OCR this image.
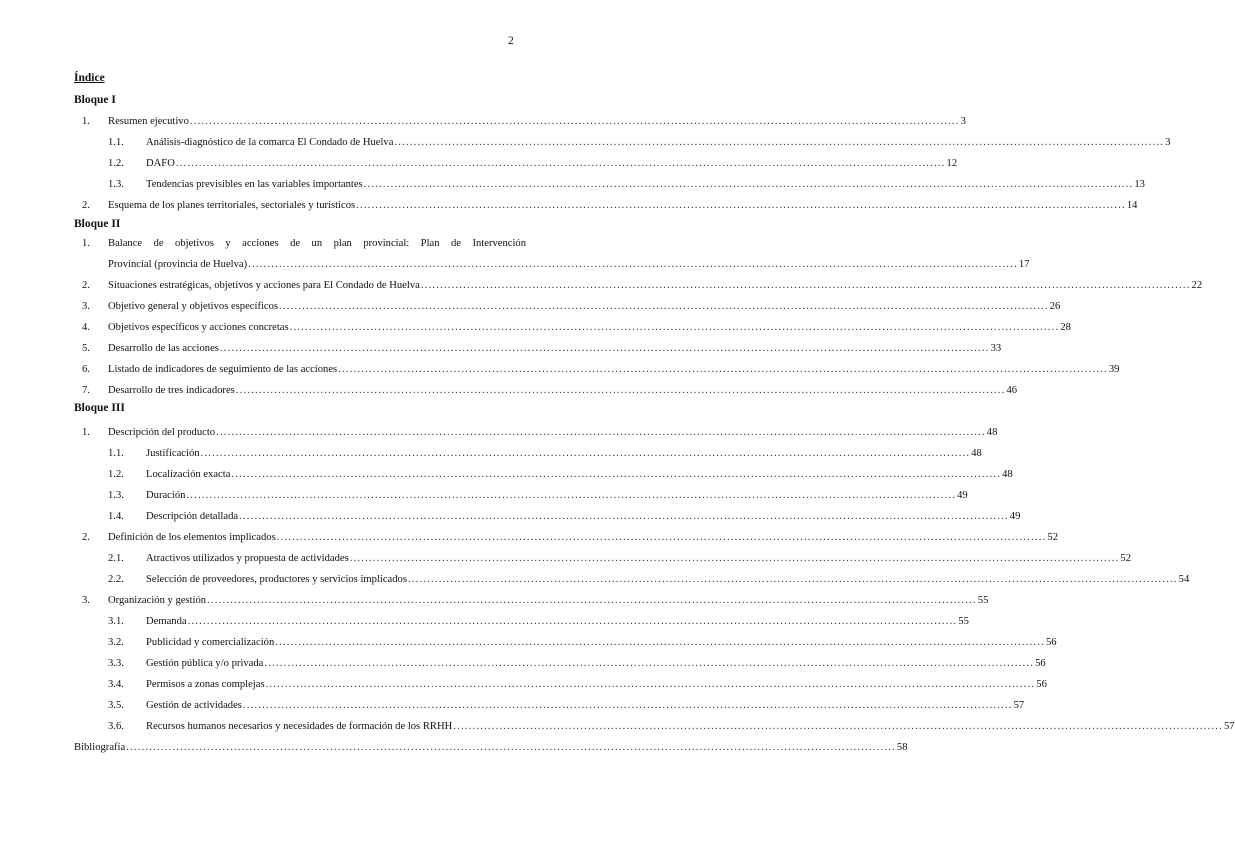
2
Índice
Bloque I
1. Resumen ejecutivo ........................................................................................................................................................................................................ 3
1.1. Análisis-diagnóstico de la comarca El Condado de Huelva ........................................................................................................................................................................................................ 3
1.2. DAFO ........................................................................................................................................................................................................ 12
1.3. Tendencias previsibles en las variables importantes ........................................................................................................................................................................................................ 13
2. Esquema de los planes territoriales, sectoriales y turísticos ........................................................................................................................................................................................................ 14
Bloque II
1. Balance de objetivos y acciones de un plan provincial: Plan de Intervención
Provincial (provincia de Huelva) ........................................................................................................................................................................................................ 17
2. Situaciones estratégicas, objetivos y acciones para El Condado de Huelva ........................................................................................................................................................................................................ 22
3. Objetivo general y objetivos específicos ........................................................................................................................................................................................................ 26
4. Objetivos específicos y acciones concretas ........................................................................................................................................................................................................ 28
5. Desarrollo de las acciones ........................................................................................................................................................................................................ 33
6. Listado de indicadores de seguimiento de las acciones ........................................................................................................................................................................................................ 39
7. Desarrollo de tres indicadores ........................................................................................................................................................................................................ 46
Bloque III
1. Descripción del producto ........................................................................................................................................................................................................ 48
1.1. Justificación ........................................................................................................................................................................................................ 48
1.2. Localización exacta ........................................................................................................................................................................................................ 48
1.3. Duración ........................................................................................................................................................................................................ 49
1.4. Descripción detallada ........................................................................................................................................................................................................ 49
2. Definición de los elementos implicados ........................................................................................................................................................................................................ 52
2.1. Atractivos utilizados y propuesta de actividades ........................................................................................................................................................................................................ 52
2.2. Selección de proveedores, productores y servicios implicados ........................................................................................................................................................................................................ 54
3. Organización y gestión ........................................................................................................................................................................................................ 55
3.1. Demanda ........................................................................................................................................................................................................ 55
3.2. Publicidad y comercialización ........................................................................................................................................................................................................ 56
3.3. Gestión pública y/o privada ........................................................................................................................................................................................................ 56
3.4. Permisos a zonas complejas ........................................................................................................................................................................................................ 56
3.5. Gestión de actividades ........................................................................................................................................................................................................ 57
3.6. Recursos humanos necesarios y necesidades de formación de los RRHH ........................................................................................................................................................................................................ 57
Bibliografía ........................................................................................................................................................................................................ 58
